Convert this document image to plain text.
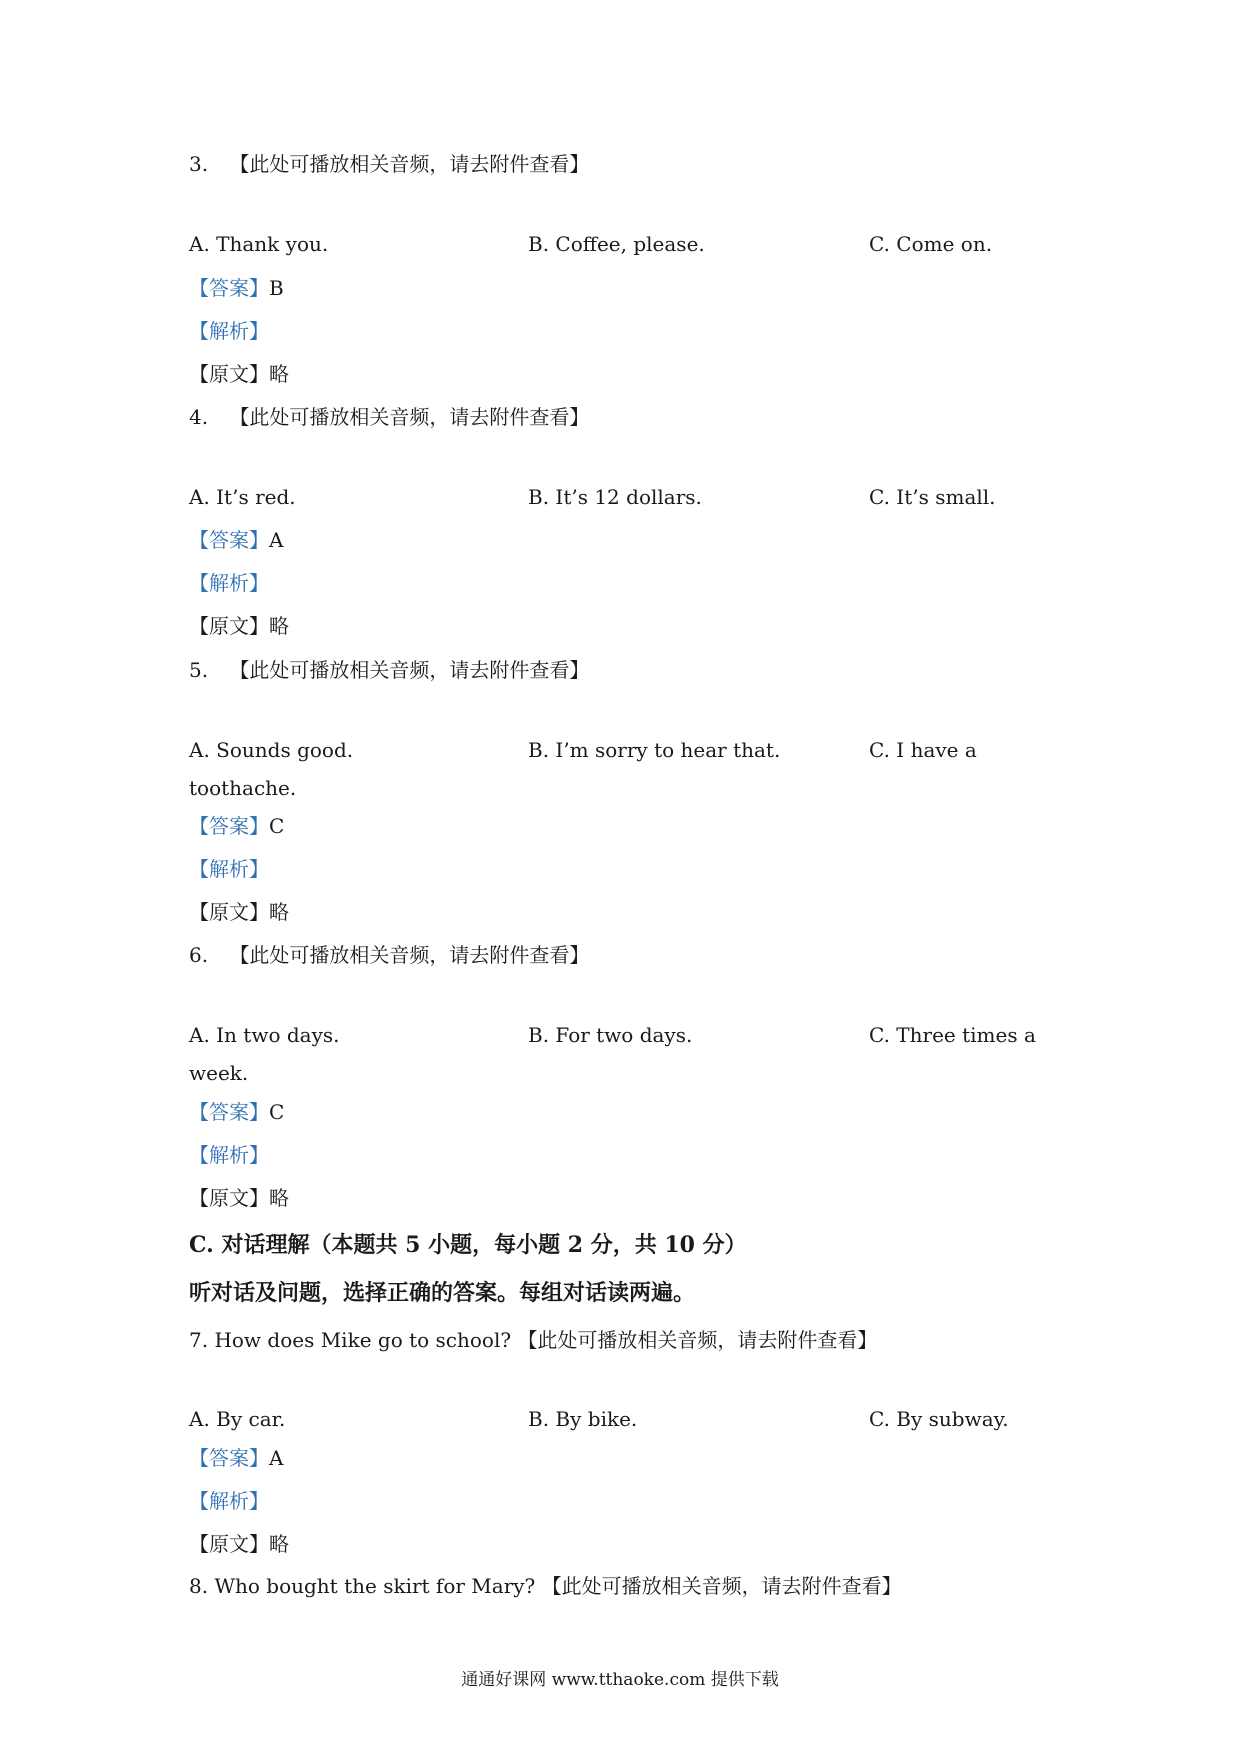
3. 【此处可播放相关音频，请去附件查看】
A. Thank you.	B. Coffee, please.	C. Come on.
【答案】B
【解析】
【原文】略
4. 【此处可播放相关音频，请去附件查看】
A. It’s red.	B. It’s 12 dollars.	C. It’s small.
【答案】A
【解析】
【原文】略
5. 【此处可播放相关音频，请去附件查看】
A. Sounds good.	B. I’m sorry to hear that.	C. I have a
toothache.
【答案】C
【解析】
【原文】略
6. 【此处可播放相关音频，请去附件查看】
A. In two days.	B. For two days.	C. Three times a
week.
【答案】C
【解析】
【原文】略
C. 对话理解（本题共 5 小题，每小题 2 分，共 10 分）
听对话及问题，选择正确的答案。每组对话读两遍。
7. How does Mike go to school? 【此处可播放相关音频，请去附件查看】
A. By car.	B. By bike.	C. By subway.
【答案】A
【解析】
【原文】略
8. Who bought the skirt for Mary? 【此处可播放相关音频，请去附件查看】
通通好课网 www.tthaoke.com 提供下载
